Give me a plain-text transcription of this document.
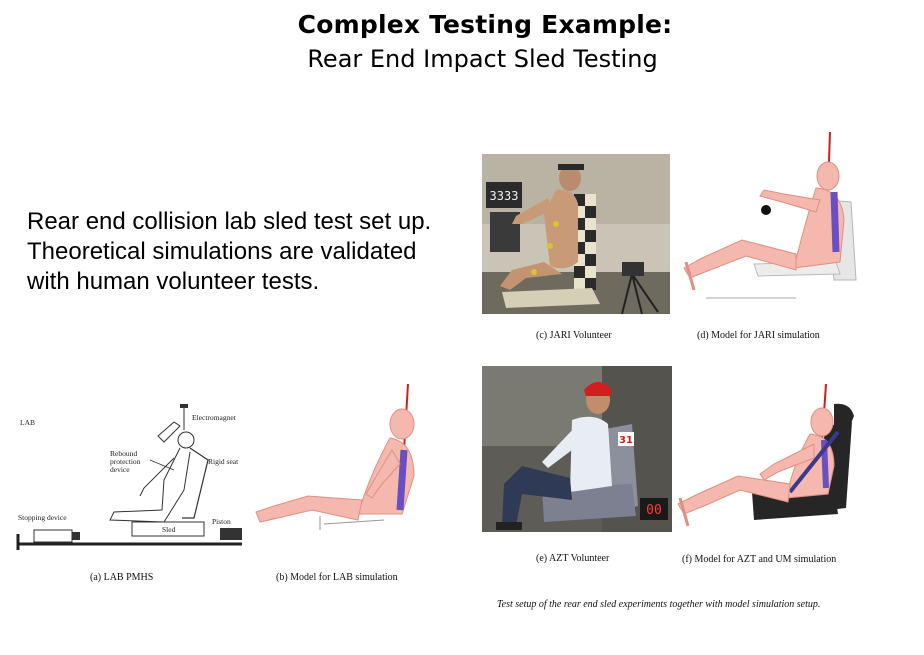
Complex Testing Example:
Rear End Impact Sled Testing

Rear end collision lab sled test set up. Theoretical simulations are validated with human volunteer tests.

3333
(c) JARI Volunteer	(d) Model for JARI simulation
31
00
(e) AZT Volunteer	(f) Model for AZT and UM simulation
LAB
Electromagnet
Rebound
protection
device
Rigid seat
Sled
Stopping device	Piston
(a) LAB PMHS	(b) Model for LAB simulation
Test setup of the rear end sled experiments together with model simulation setup.
